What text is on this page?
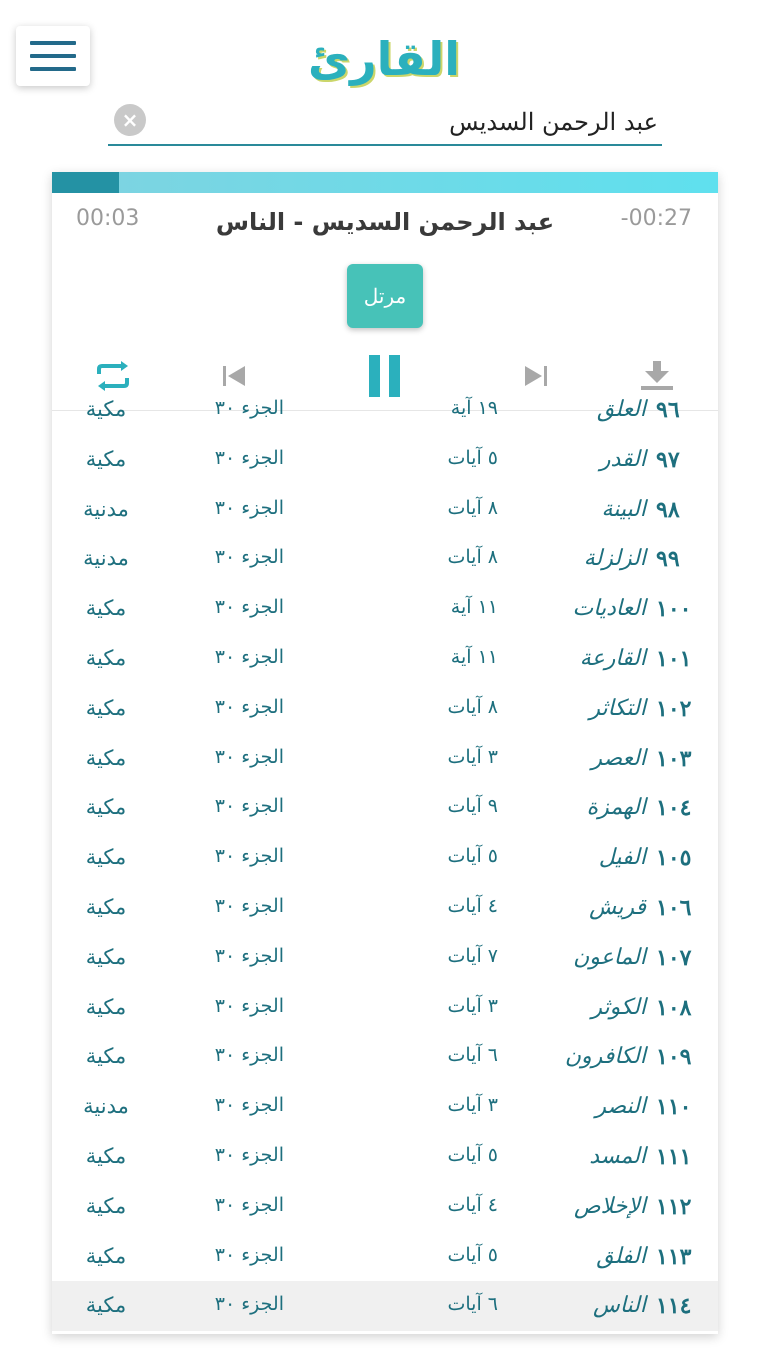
القارئ
×
عبد الرحمن السديس
00:03	عبد الرحمن السديس - الناس	-00:27
مرتل
٩٦
العلق
١٩ آية
الجزء ٣٠
مكية
٩٧
القدر
٥ آيات
الجزء ٣٠
مكية
٩٨
البينة
٨ آيات
الجزء ٣٠
مدنية
٩٩
الزلزلة
٨ آيات
الجزء ٣٠
مدنية
١٠٠
العاديات
١١ آية
الجزء ٣٠
مكية
١٠١
القارعة
١١ آية
الجزء ٣٠
مكية
١٠٢
التكاثر
٨ آيات
الجزء ٣٠
مكية
١٠٣
العصر
٣ آيات
الجزء ٣٠
مكية
١٠٤
الهمزة
٩ آيات
الجزء ٣٠
مكية
١٠٥
الفيل
٥ آيات
الجزء ٣٠
مكية
١٠٦
قريش
٤ آيات
الجزء ٣٠
مكية
١٠٧
الماعون
٧ آيات
الجزء ٣٠
مكية
١٠٨
الكوثر
٣ آيات
الجزء ٣٠
مكية
١٠٩
الكافرون
٦ آيات
الجزء ٣٠
مكية
١١٠
النصر
٣ آيات
الجزء ٣٠
مدنية
١١١
المسد
٥ آيات
الجزء ٣٠
مكية
١١٢
الإخلاص
٤ آيات
الجزء ٣٠
مكية
١١٣
الفلق
٥ آيات
الجزء ٣٠
مكية
١١٤
الناس
٦ آيات
الجزء ٣٠
مكية
